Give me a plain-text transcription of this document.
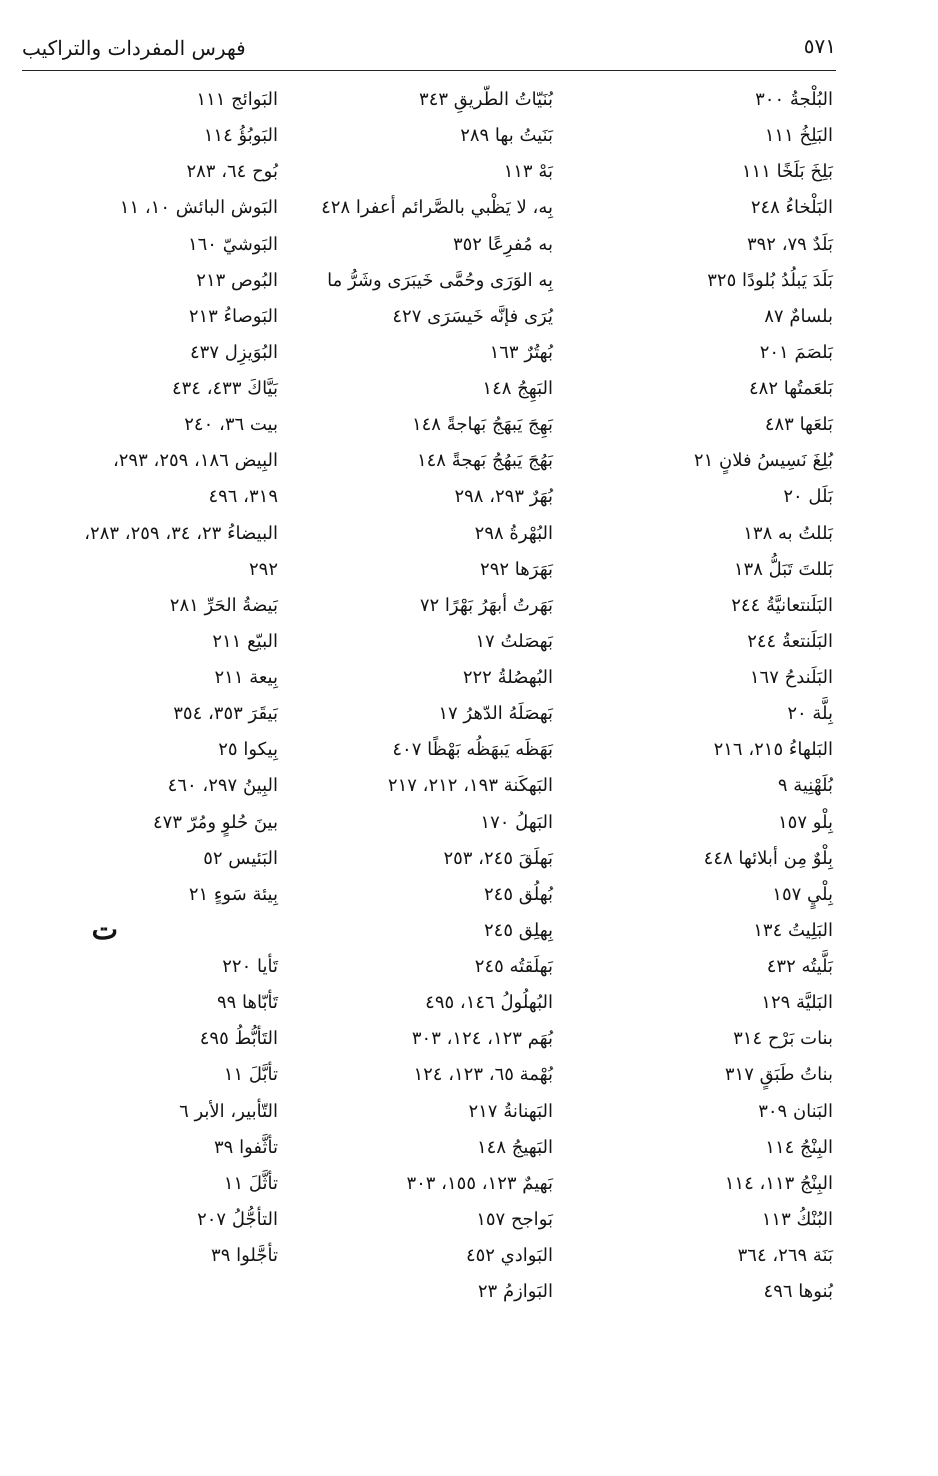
٥٧١
فهرس المفردات والتراكيب
البُلْجةُ ٣٠٠
البَلِخُ ١١١
بَلِخَ بَلَخًا ١١١
البَلْخاءُ ٢٤٨
بَلَدٌ ٧٩، ٣٩٢
بَلَدَ يَبلُدُ بُلودًا ٣٢٥
بلسامٌ ٨٧
بَلصَمَ ٢٠١
بَلعَمتُها ٤٨٢
بَلعَها ٤٨٣
بُلِغَ نَسِيسُ فلانٍ ٢١
بَلَل ٢٠
بَللتُ به ١٣٨
بَللتَ تَبَلُّ ١٣٨
البَلَنتعانيَّةُ ٢٤٤
البَلَنتعةُ ٢٤٤
البَلَندحُ ١٦٧
بِلَّة ٢٠
البَلهاءُ ٢١٥، ٢١٦
بُلَهْنِية ٩
بِلْو ١٥٧
بِلْوٌ مِن أبلائها ٤٤٨
بِلْيٍ ١٥٧
البَلِيتُ ١٣٤
بَلَّيتُه ٤٣٢
البَليَّة ١٢٩
بنات بَرْح ٣١٤
بناتُ طَبَقٍ ٣١٧
البَنان ٣٠٩
البِنْجُ ١١٤
البِنْجُ ١١٣، ١١٤
البُنْكُ ١١٣
بَنَة ٢٦٩، ٣٦٤
بُنوها ٤٩٦
بُنَيّاتُ الطّريقِ ٣٤٣
بَنَيتُ بها ٢٨٩
بَهْ ١١٣
بِه، لا يَظْبي بالصَّرائم أعفرا ٤٢٨
به مُفرِعًا ٣٥٢
بِه الوَرَى وحُمَّى خَيبَرَى وشَرُّ ما
يُرَى فإنَّه خَيسَرَى ٤٢٧
بُهتُرٌ ١٦٣
البَهِجُ ١٤٨
بَهِجَ يَبهَجُ بَهاجةً ١٤٨
بَهُجَ يَبهُجُ بَهجةً ١٤٨
بُهَرٌ ٢٩٣، ٢٩٨
البُهْرةُ ٢٩٨
بَهَرَها ٢٩٢
بَهَرتُ أبهَرُ بَهْرًا ٧٢
بَهصَلتُ ١٧
البُهصُلةُ ٢٢٢
بَهصَلَهُ الدّهرُ ١٧
بَهَظَه يَبهَظُه بَهْظًا ٤٠٧
البَهكَنة ١٩٣، ٢١٢، ٢١٧
البَهلُ ١٧٠
بَهلَقَ ٢٤٥، ٢٥٣
بُهلُق ٢٤٥
بِهلِق ٢٤٥
بَهلَقتُه ٢٤٥
البُهلُولُ ١٤٦، ٤٩٥
بُهَم ١٢٣، ١٢٤، ٣٠٣
بُهْمة ٦٥، ١٢٣، ١٢٤
البَهنانةُ ٢١٧
البَهيجُ ١٤٨
بَهيمٌ ١٢٣، ١٥٥، ٣٠٣
بَواجح ١٥٧
البَوادي ٤٥٢
البَوازمُ ٢٣
البَوائج ١١١
البَوبُؤُ ١١٤
بُوح ٦٤، ٢٨٣
البَوش البائش ١٠، ١١
البَوشيّ ١٦٠
البُوص ٢١٣
البَوصاءُ ٢١٣
البُوَيزِل ٤٣٧
بَيَّاكَ ٤٣٣، ٤٣٤
بيت ٣٦، ٢٤٠
البِيض ١٨٦، ٢٥٩، ٢٩٣،
٣١٩، ٤٩٦
البيضاءُ ٢٣، ٣٤، ٢٥٩، ٢٨٣،
٢٩٢
بَيضةُ الحَرِّ ٢٨١
البيّع ٢١١
بِيعة ٢١١
بَيقَرَ ٣٥٣، ٣٥٤
بِيكوا ٢٥
البِينُ ٢٩٧، ٤٦٠
بينَ حُلوٍ ومُرّ ٤٧٣
البَئيس ٥٢
بِيئة سَوءٍ ٢١
ت
تَأيا ٢٢٠
تَأبّاها ٩٩
التَأبُّطُ ٤٩٥
تأبَّلَ ١١
التّأبير، الأبر ٦
تأثَّفوا ٣٩
تأثَّلَ ١١
التأجُّلُ ٢٠٧
تأجَّلوا ٣٩
